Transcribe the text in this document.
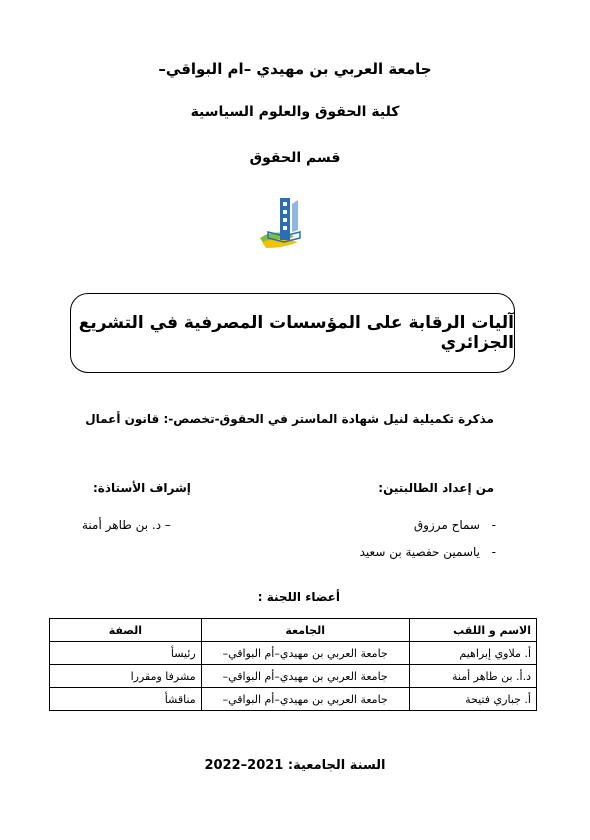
جامعة العربي بن مهيدي –ام البواقي–
كلية الحقوق والعلوم السياسية
قسم الحقوق
آليات الرقابة على المؤسسات المصرفية في التشريع الجزائري
مذكرة تكميلية لنيل شهادة الماستر في الحقوق-تخصص-: قانون أعمال
من إعداد الطالبتين:
إشراف الأستاذة:
-
سماح مرزوق
-
ياسمين حفصية بن سعيد
– د. بن طاهر أمنة
أعضاء اللجنة :
الاسم و اللقب	الجامعة	الصفة
أ. ملاوي إبراهيم	جامعة العربي بن مهيدي–أم البواقي–	رئيسأ
د.أ. بن طاهر أمنة	جامعة العربي بن مهيدي–أم البواقي–	مشرفا ومقررا
أ. جباري فتيحة	جامعة العربي بن مهيدي–أم البواقي–	مناقشأ
السنة الجامعية: 2021–2022
